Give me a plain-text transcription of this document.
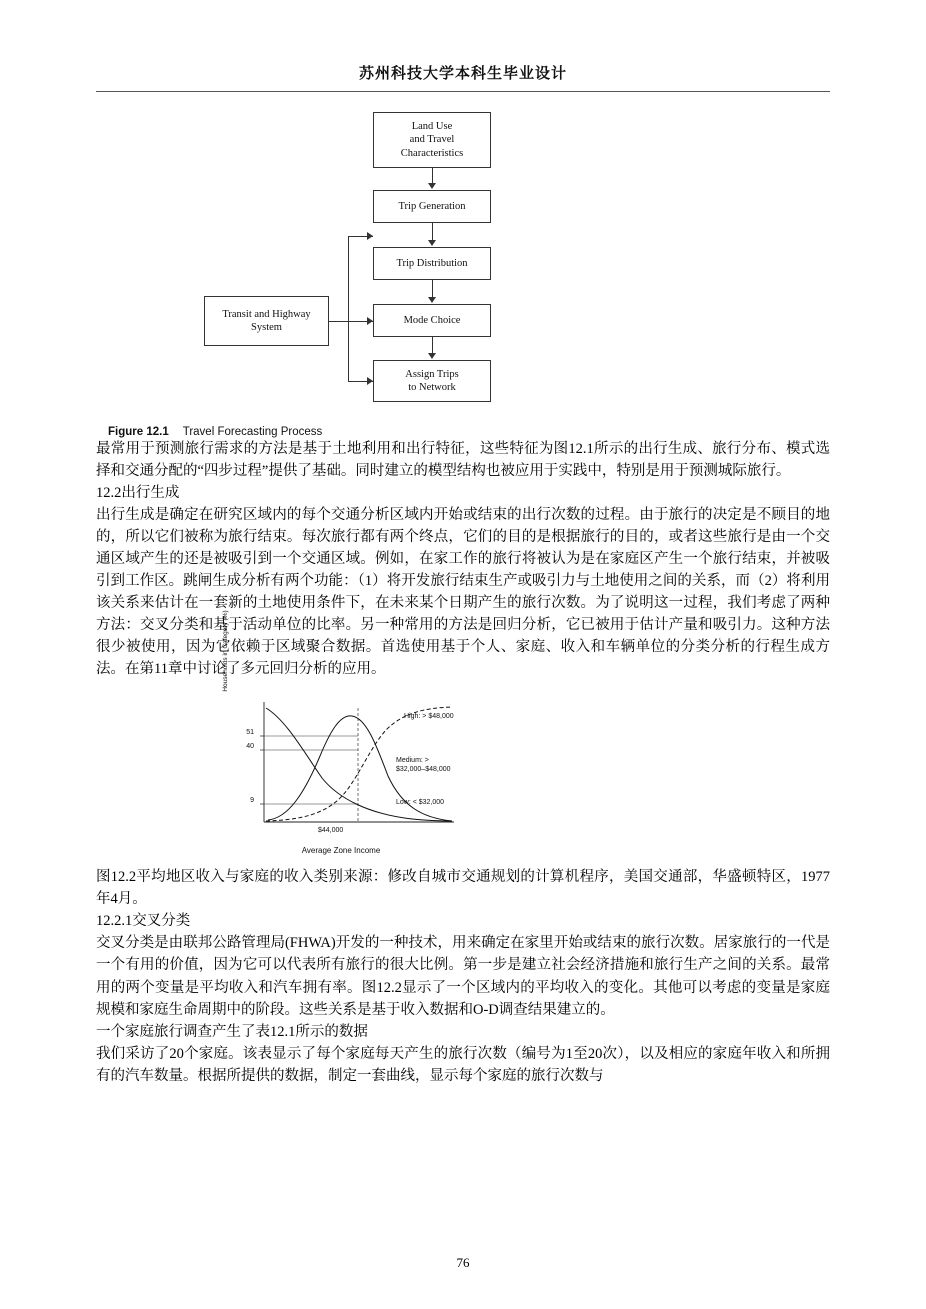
苏州科技大学本科生毕业设计
Land Use
and Travel
Characteristics
Trip Generation
Trip Distribution
Mode Choice
Assign Trips
to Network
Transit and Highway
System
Figure 12.1 Travel Forecasting Process

最常用于预测旅行需求的方法是基于土地利用和出行特征，这些特征为图12.1所示的出行生成、旅行分布、模式选择和交通分配的“四步过程”提供了基础。同时建立的模型结构也被应用于实践中，特别是用于预测城际旅行。

12.2出行生成

出行生成是确定在研究区域内的每个交通分析区域内开始或结束的出行次数的过程。由于旅行的决定是不顾目的地的，所以它们被称为旅行结束。每次旅行都有两个终点，它们的目的是根据旅行的目的，或者这些旅行是由一个交通区域产生的还是被吸引到一个交通区域。例如，在家工作的旅行将被认为是在家庭区产生一个旅行结束，并被吸引到工作区。跳闸生成分析有两个功能：（1）将开发旅行结束生产或吸引力与土地使用之间的关系，而（2）将利用该关系来估计在一套新的土地使用条件下，在未来某个日期产生的旅行次数。为了说明这一过程，我们考虑了两种方法：交叉分类和基于活动单位的比率。另一种常用的方法是回归分析，它已被用于估计产量和吸引力。这种方法很少被使用，因为它依赖于区域聚合数据。首选使用基于个人、家庭、收入和车辆单位的分类分析的行程生成方法。在第11章中讨论了多元回归分析的应用。

Households in Category (%)
51
40
9
High: > $48,000
Medium: >
$32,000–$48,000
Low: < $32,000
$44,000
Average Zone Income

图12.2平均地区收入与家庭的收入类别来源：修改自城市交通规划的计算机程序，美国交通部，华盛顿特区，1977年4月。

12.2.1交叉分类

交叉分类是由联邦公路管理局(FHWA)开发的一种技术，用来确定在家里开始或结束的旅行次数。居家旅行的一代是一个有用的价值，因为它可以代表所有旅行的很大比例。第一步是建立社会经济措施和旅行生产之间的关系。最常用的两个变量是平均收入和汽车拥有率。图12.2显示了一个区域内的平均收入的变化。其他可以考虑的变量是家庭规模和家庭生命周期中的阶段。这些关系是基于收入数据和O-D调查结果建立的。

一个家庭旅行调查产生了表12.1所示的数据

我们采访了20个家庭。该表显示了每个家庭每天产生的旅行次数（编号为1至20次），以及相应的家庭年收入和所拥有的汽车数量。根据所提供的数据，制定一套曲线，显示每个家庭的旅行次数与

76
